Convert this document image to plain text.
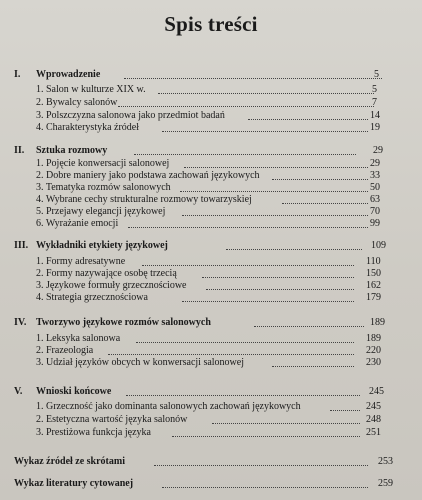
Spis treści
I. Wprowadzenie	5
1. Salon w kulturze XIX w.	5
2. Bywalcy salonów	7
3. Polszczyzna salonowa jako przedmiot badań	14
4. Charakterystyka źródeł	19
II. Sztuka rozmowy	29
1. Pojęcie konwersacji salonowej	29
2. Dobre maniery jako podstawa zachowań językowych	33
3. Tematyka rozmów salonowych	50
4. Wybrane cechy strukturalne rozmowy towarzyskiej	63
5. Przejawy elegancji językowej	70
6. Wyrażanie emocji	99
III. Wykładniki etykiety językowej	109
1. Formy adresatywne	110
2. Formy nazywające osobę trzecią	150
3. Językowe formuły grzecznościowe	162
4. Strategia grzecznościowa	179
IV. Tworzywo językowe rozmów salonowych	189
1. Leksyka salonowa	189
2. Frazeologia	220
3. Udział języków obcych w konwersacji salonowej	230
V. Wnioski końcowe	245
1. Grzeczność jako dominanta salonowych zachowań językowych	245
2. Estetyczna wartość języka salonów	248
3. Prestiżowa funkcja języka	251
Wykaz źródeł ze skrótami	253
Wykaz literatury cytowanej	259
